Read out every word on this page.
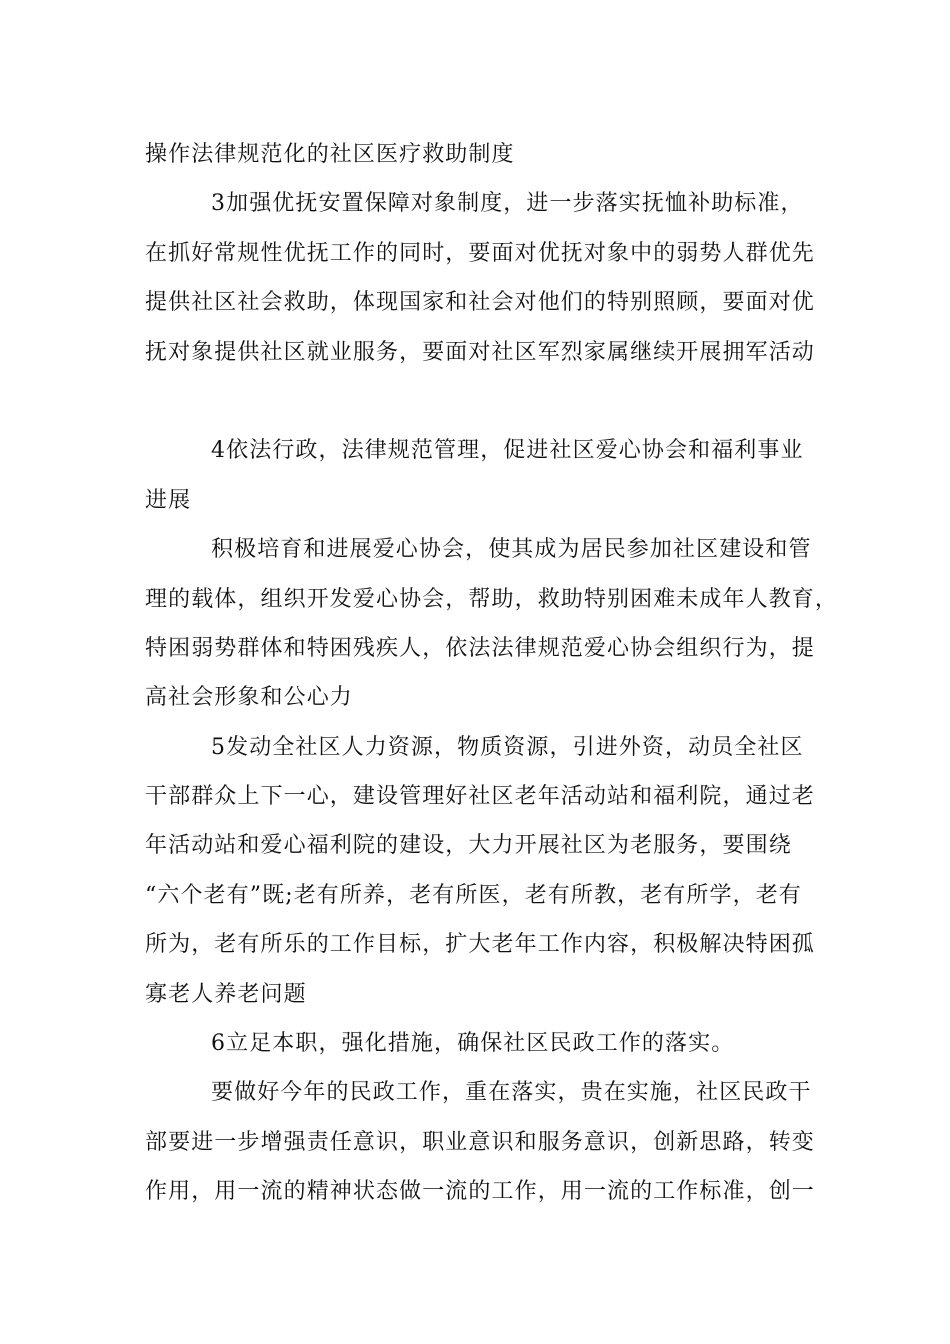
操作法律规范化的社区医疗救助制度
3加强优抚安置保障对象制度，进一步落实抚恤补助标准，
在抓好常规性优抚工作的同时，要面对优抚对象中的弱势人群优先
提供社区社会救助，体现国家和社会对他们的特别照顾，要面对优
抚对象提供社区就业服务，要面对社区军烈家属继续开展拥军活动
4依法行政，法律规范管理，促进社区爱心协会和福利事业
进展
积极培育和进展爱心协会，使其成为居民参加社区建设和管
理的载体，组织开发爱心协会，帮助，救助特别困难未成年人教育，
特困弱势群体和特困残疾人，依法法律规范爱心协会组织行为，提
高社会形象和公心力
5发动全社区人力资源，物质资源，引进外资，动员全社区
干部群众上下一心，建设管理好社区老年活动站和福利院，通过老
年活动站和爱心福利院的建设，大力开展社区为老服务，要围绕
“六个老有”既;老有所养，老有所医，老有所教，老有所学，老有
所为，老有所乐的工作目标，扩大老年工作内容，积极解决特困孤
寡老人养老问题
6立足本职，强化措施，确保社区民政工作的落实。
要做好今年的民政工作，重在落实，贵在实施，社区民政干
部要进一步增强责任意识，职业意识和服务意识，创新思路，转变
作用，用一流的精神状态做一流的工作，用一流的工作标准，创一
